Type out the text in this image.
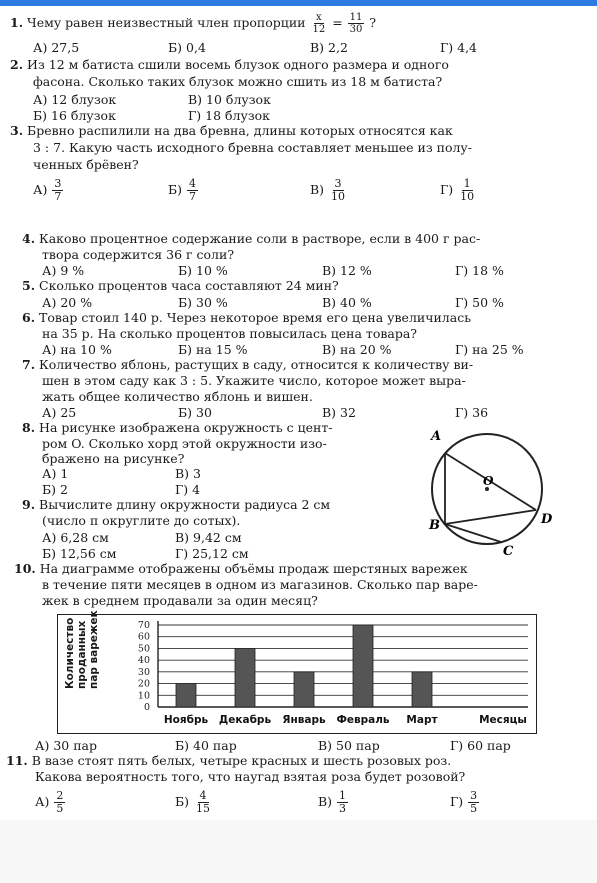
1. Чему равен неизвестный член пропорции $\frac{x}{12} = \frac{11}{30}$ ?
А) 27,5	Б) 0,4	В) 2,2	Г) 4,4
2. Из 12 м батиста сшили восемь блузок одного размера и одного
фасона. Сколько таких блузок можно сшить из 18 м батиста?
А) 12 блузок	В) 10 блузок
Б) 16 блузок	Г) 18 блузок
3. Бревно распилили на два бревна, длины которых относятся как
3 : 7. Какую часть исходного бревна составляет меньшее из полу-
ченных брёвен?
$А) \frac{3}{7}$	$Б) \frac{4}{7}$	$В) \frac{3}{10}$	$Г) \frac{1}{10}$
4. Каково процентное содержание соли в растворе, если в 400 г рас-
твора содержится 36 г соли?
А) 9 %	Б) 10 %	В) 12 %	Г) 18 %
5. Сколько процентов часа составляют 24 мин?
А) 20 %	Б) 30 %	В) 40 %	Г) 50 %
6. Товар стоил 140 р. Через некоторое время его цена увеличилась
на 35 р. На сколько процентов повысилась цена товара?
А) на 10 %	Б) на 15 %	В) на 20 %	Г) на 25 %
7. Количество яблонь, растущих в саду, относится к количеству ви-
шен в этом саду как 3 : 5. Укажите число, которое может выра-
жать общее количество яблонь и вишен.
А) 25	Б) 30	В) 32	Г) 36
8. На рисунке изображена окружность с цент-
ром O. Сколько хорд этой окружности изо-
бражено на рисунке?
А) 1	В) 3
Б) 2	Г) 4
A
O
B	D
C
9. Вычислите длину окружности радиуса 2 см
(число π округлите до сотых).
А) 6,28 см	В) 9,42 см
Б) 12,56 см	Г) 25,12 см
10. На диаграмме отображены объёмы продаж шерстяных варежек
в течение пяти месяцев в одном из магазинов. Сколько пар варе-
жек в среднем продавали за один месяц?
Количество проданных пар варежек
0
10
20
30
40
50
60
70
Ноябрь Декабрь Январь Февраль Март	Месяцы
А) 30 пар	Б) 40 пар	В) 50 пар	Г) 60 пар
11. В вазе стоят пять белых, четыре красных и шесть розовых роз.
Какова вероятность того, что наугад взятая роза будет розовой?
$А) \frac{2}{5}$	$Б) \frac{4}{15}$	$В) \frac{1}{3}$	$Г) \frac{3}{5}$
